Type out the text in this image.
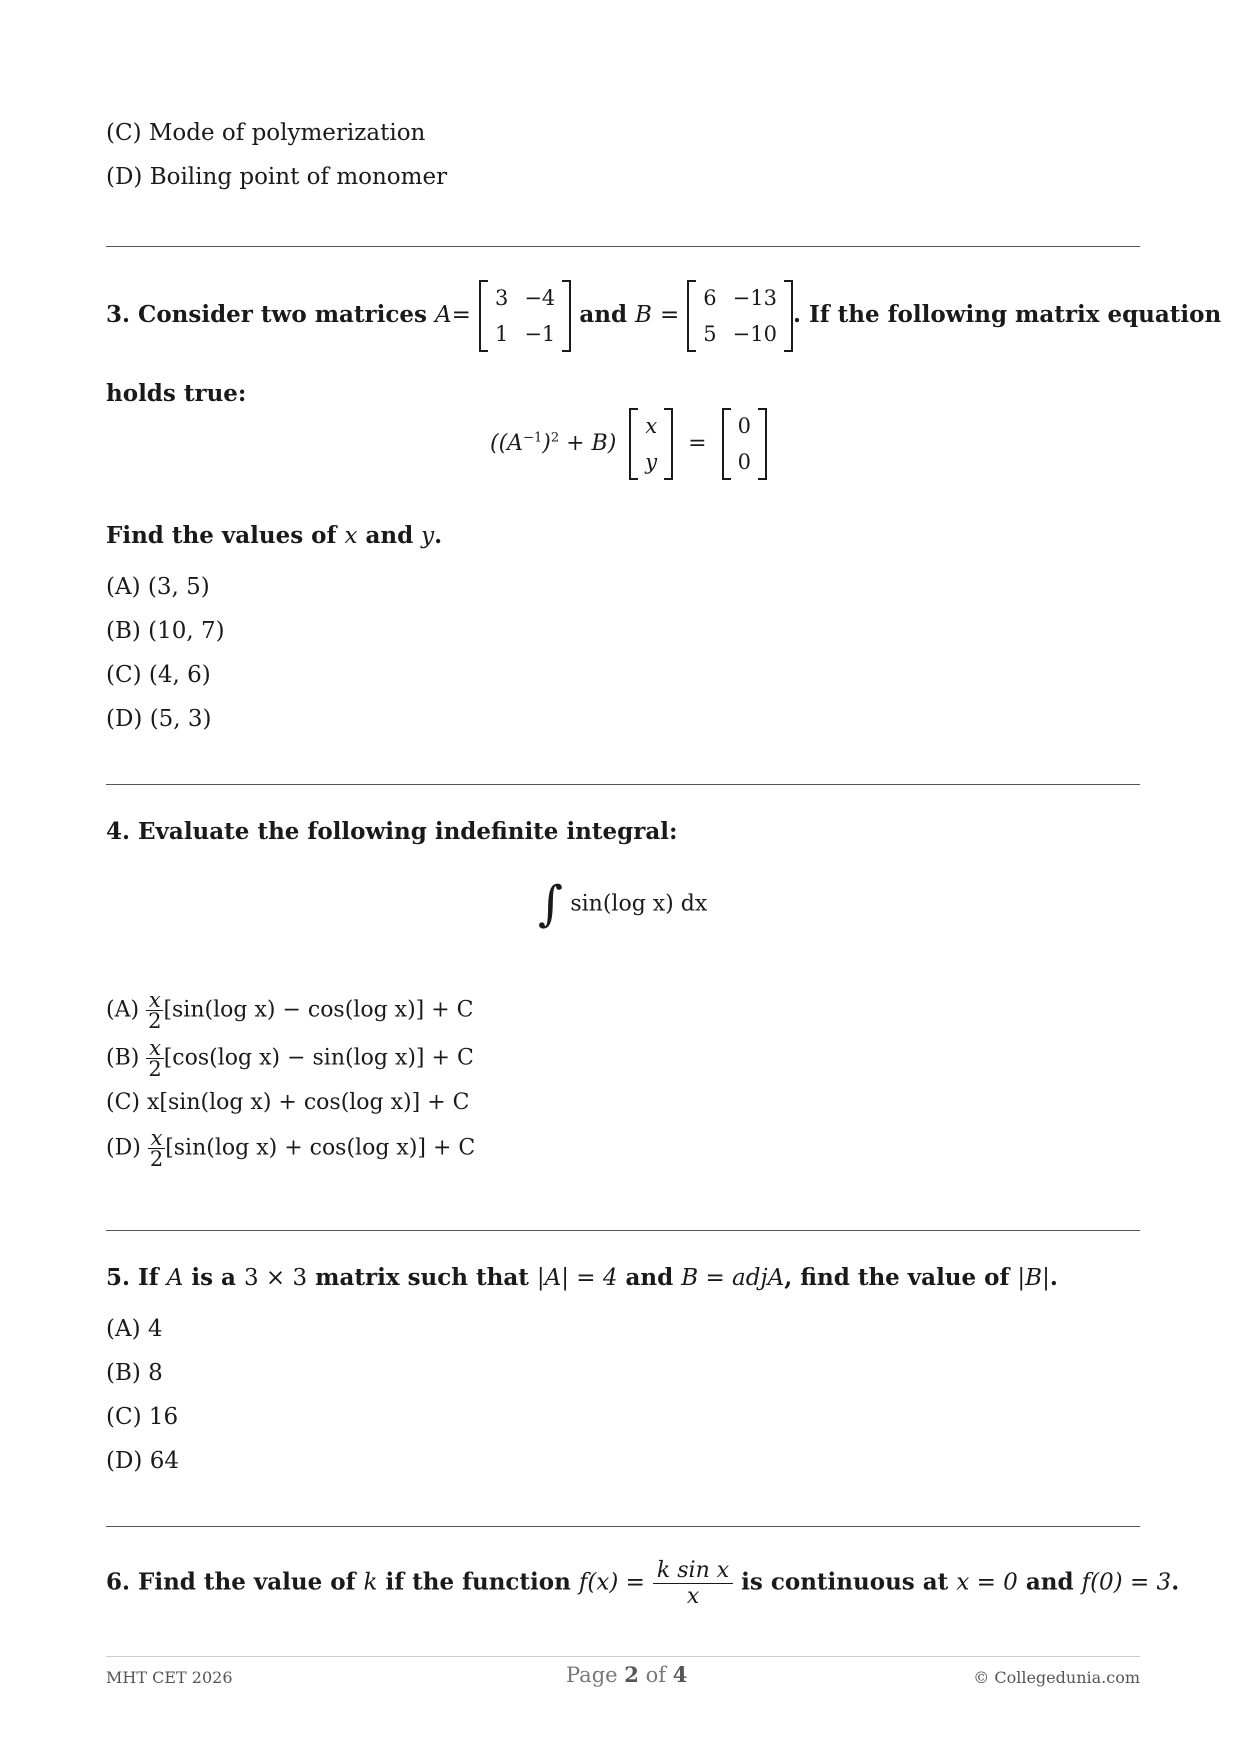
(C) Mode of polymerization
(D) Boiling point of monomer
3. Consider two matrices A=
3	−4
1	−1
and B =
6	−13
5	−10
. If the following matrix equation
holds true:
$((A^{-1})^2 + B)$
x
y
=
0
0
Find the values of x and y.
(A) (3, 5)
(B) (10, 7)
(C) (4, 6)
(D) (5, 3)
4. Evaluate the following indefinite integral:
∫ sin(log x) dx
$(A) \frac{x}{2} [\sin(\log$ x) − cos(log x)] + C
$(B) \frac{x}{2} [\cos(\log$ x) − sin(log x)] + C
(C) x[sin(log x) + cos(log x)] + C
$(D) \frac{x}{2} [\sin(\log$ x) + cos(log x)] + C
5. If A is a 3 × 3 matrix such that |A| = 4 and B = adjA, find the value of |B|.
(A) 4
(B) 8
(C) 16
(D) 64
6. Find the value of k if the function $f(x) = \frac{\text{k sin x}}{x}$ is continuous at x = 0 and f(0) = 3.
MHT CET 2026	Page 2 of 4	© Collegedunia.com
